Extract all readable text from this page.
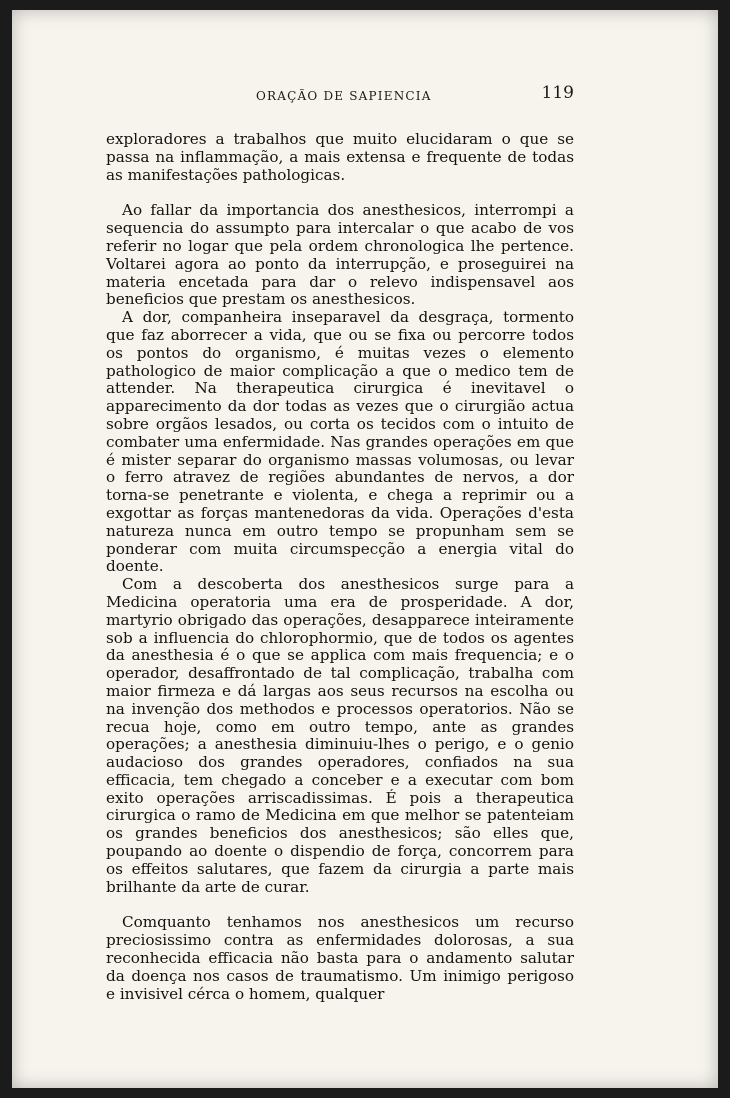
ORAÇÃO DE SAPIENCIA	119

exploradores a trabalhos que muito elucidaram o que se passa na inflammação, a mais extensa e frequente de todas as manifestações pathologicas.

Ao fallar da importancia dos anesthesicos, interrompi a sequencia do assumpto para intercalar o que acabo de vos referir no logar que pela ordem chronologica lhe pertence. Voltarei agora ao ponto da interrupção, e proseguirei na materia encetada para dar o relevo indispensavel aos beneficios que prestam os anesthesicos.

A dor, companheira inseparavel da desgraça, tormento que faz aborrecer a vida, que ou se fixa ou percorre todos os pontos do organismo, é muitas vezes o elemento pathologico de maior complicação a que o medico tem de attender. Na therapeutica cirurgica é inevitavel o apparecimento da dor todas as vezes que o cirurgião actua sobre orgãos lesados, ou corta os tecidos com o intuito de combater uma enfermidade. Nas grandes operações em que é mister separar do organismo massas volumosas, ou levar o ferro atravez de regiões abundantes de nervos, a dor torna-se penetrante e violenta, e chega a reprimir ou a exgottar as forças mantenedoras da vida. Operações d'esta natureza nunca em outro tempo se propunham sem se ponderar com muita circumspecção a energia vital do doente.

Com a descoberta dos anesthesicos surge para a Medicina operatoria uma era de prosperidade. A dor, martyrio obrigado das operações, desapparece inteiramente sob a influencia do chlorophormio, que de todos os agentes da anesthesia é o que se applica com mais frequencia; e o operador, desaffrontado de tal complicação, trabalha com maior firmeza e dá largas aos seus recursos na escolha ou na invenção dos methodos e processos operatorios. Não se recua hoje, como em outro tempo, ante as grandes operações; a anesthesia diminuiu-lhes o perigo, e o genio audacioso dos grandes operadores, confiados na sua efficacia, tem chegado a conceber e a executar com bom exito operações arriscadissimas. É pois a therapeutica cirurgica o ramo de Medicina em que melhor se patenteiam os grandes beneficios dos anesthesicos; são elles que, poupando ao doente o dispendio de força, concorrem para os effeitos salutares, que fazem da cirurgia a parte mais brilhante da arte de curar.

Comquanto tenhamos nos anesthesicos um recurso preciosissimo contra as enfermidades dolorosas, a sua reconhecida efficacia não basta para o andamento salutar da doença nos casos de traumatismo. Um inimigo perigoso e invisivel cérca o homem, qualquer
